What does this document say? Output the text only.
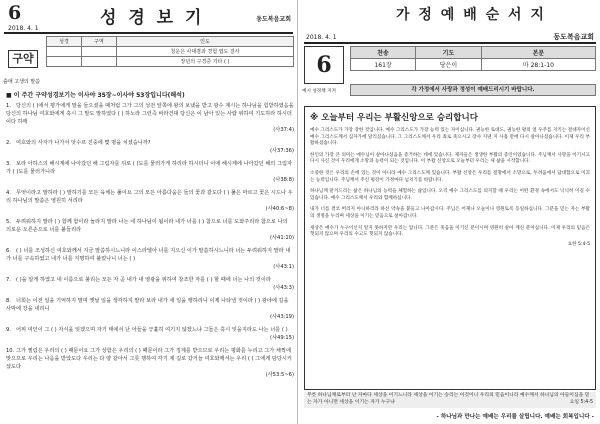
6	성 경 보 기	동도복음교회
2018. 4. 1
구약
출애 고생의 말씀
성경	구역	인도
		청운은 사대겸과 경험 엽도 걸사
		장년의 구경증 기타 ( )
■ 이 주간 구약성경보기는 이사야 35장~이사야 53장입니다(해석)
1. 당신의 ( )에서 평가에게 말을 들으셨을 때처럼 그가 그의 성전 앞쪽에 왕의 보냈을 받고 광수 계시는 하나님을 힘받하였음을 당신의 하나님 여호와에게 혹시 그 말도 발하였다 ( ) 하노라 그런즉 바라건대 당신은 이 남아 있는 사람 위하여 기도하라 하시더이다 하매
(사37:4)
2. 여호와의 사자가 나가서 앗수르 진중에 몇 명을 치셨습니까?
(사37:36)
3. 보라 아하스의 해시계에 나아갔던 해 그림자를 뒤로 ( )도를 물러가게 하리라 하시더니 이에 해시계에 나아갔던 해의 그림자가 ( )도를 물러가니라
(사38:8)
4. 무엇이라고 말하라 ( ) 말하기를 모든 육체는 풀이요 그의 모든 아름다움은 들의 꽃과 같도다 ( ) 풀은 마르고 꽃은 시드나 우리 하나님의 말씀은 영원히 서리라
(사40:6~8)
5. 두려워하지 말라 ( ) 함께 함이라 놀라지 말라 나는 네 하나님이 됨이라 내가 너를 ( ) 참으로 너를 도와주리라 참으로 나의 의로운 오른손으로 너를 붙들리라
(사41:10)
6. ( ) 너를 조성하신 여호와께서 지금 말씀하시느니라 이스라엘아 너를 지으신 이가 말씀하시느니라 너는 두려워하지 말라 내가 너를 구속하였고 내가 너를 지명하여 불렀나니 너는 ( )
(사43:1)
7. ( )을 알게 하였고 내 이름으로 불리는 모든 자 곧 내가 내 영광을 위하여 창조한 자를 ( ) 할 때에 너는 나의 것이라
(사43:3)
8. 너희는 이전 일을 기억하지 말며 옛날 일을 생각하지 말라 보라 내가 새 일을 행하리니 이제 나타낼 것이라 ( ) 광야에 길을 사막에 강을 내리니
(사43:19)
9. 어찌 여인이 그 ( ) 자식을 잊겠으며 자기 태에서 난 아들을 긍휼히 여기지 않겠느냐 그들은 혹시 잊을지라도 나는 너를 ( )
(사49:15)
10. 그가 찔림은 우리의 ( ) 때문이요 그가 상함은 우리의 ( ) 때문이라 그가 징계를 받으므로 우리는 평화를 누리고 그가 채찍에 맞으므로 우리는 나음을 받았도다 우리는 다 양 같아서 그릇 행하여 각기 제 길로 갔거늘 여호와께서는 우리 ( ) 그에게 담당시키셨도다
(사53:5~6)
가 정 예 배 순 서 지
2018. 4. 1	동도복음교회
6
예시 성경책 지켜
찬송	기도	본문
161장	당은이	마 28:1-10
각 가정에서 사랑과 정성이 예배드리시기 바랍니다.
※ 오늘부터 우리는 부활신앙으로 승리합니다

예수 그리스도가 가장 강한 것입니다. 예수 그리스도가 가장 능력 있는 자이십니다. 권능한 토대도, 권능한 왕의 얼 우주를 지키는 절대자이신 예수 그리스도께서 십자가에 달리셨습니다. 그 그리스도께서 우리 죄로 죽으시고 장사 지낸 지 사흘 만에 다시 살아나셨습니다. 이제 우리 부활하셨습니다.

한인의 가장 큰 의미는 예수님이 살아나셨음을 증거하는 데에 있습니다. 제자들은 생생한 부활의 증인이었습니다. 주님께서 사망을 이기시고 다시 사신 것이 우리에게 소망과 능력이 되는 것입니다. 이 부활 신앙으로 오늘부터 우리는 새 삶을 시작합니다.

소중한 것은 우리의 손에 있는 것이 아니라 예수 그리스도께 있습니다. 부활 신앙은 우리를 절망에서 소망으로, 두려움에서 담대함으로 이끄는 능력입니다. 주님께서 주신 평강이 가정마다 넘치기를 바랍니다.

하나님께 맡겨드리는 삶은 하나님의 능력을 체험하는 삶입니다. 오직 예수 그리스도를 의지할 때 우리는 어떤 환경 속에서도 넉넉히 이길 수 있습니다. 예수 그리스도께서 우리와 함께하십니다.

내가 너를 결코 버리지 아니하리라 하신 약속을 붙들고 나아갑시다. 주님은 어제나 오늘이나 영원토록 동일하십니다. 그분을 믿는 자는 부활의 생명을 누리며 세상을 이기는 믿음으로 살아갑니다.

세상은 예수가 누구이신지 알지 못하지만 우리는 압니다. 그분은 죽음을 이기신 분이시며 영원히 살아 계신 분이십니다. 이제 우리의 믿음은 헛되지 않으며 우리의 수고도 헛되지 않습니다.

요한 5:4-5
무릇 하나님께로부터 난 자마다 세상을 이기느니라 세상을 이기는 승리는 이것이니 우리의 믿음이니라 예수께서 하나님의 아들이심을 믿는 자가 아니면 세상을 이기는 자가 누구냐	요일 5:4-5
- 하나님과 만나는 예배는 우리를 살립니다. 예배는 회복입니다 -
